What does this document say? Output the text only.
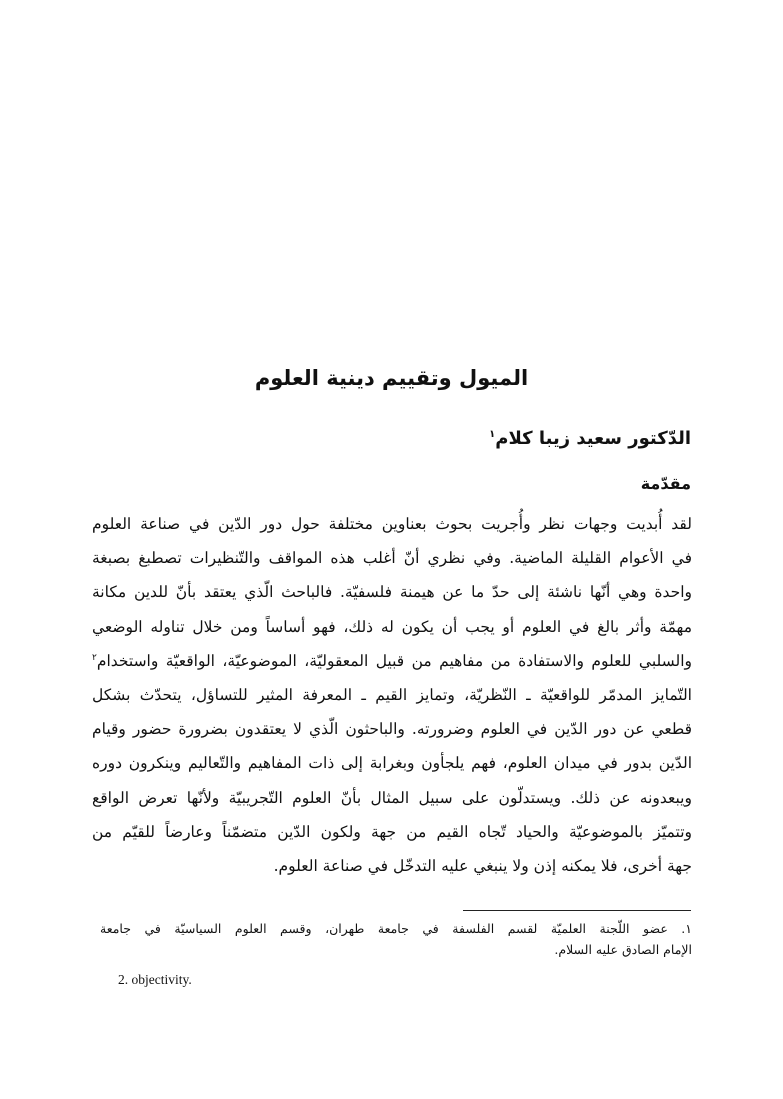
الميول وتقييم دينية العلوم
الدّكتور سعيد زيبا كلام$^١$
مقدّمة
لقد أُبديت وجهات نظر وأُجريت بحوث بعناوين مختلفة حول دور الدّين في صناعة العلوم
في الأعوام القليلة الماضية. وفي نظري أنّ أغلب هذه المواقف والتّنظيرات تصطبغ بصبغة
واحدة وهي أنّها ناشئة إلى حدّ ما عن هيمنة فلسفيّة. فالباحث الّذي يعتقد بأنّ للدين مكانة
مهمّة وأثر بالغ في العلوم أو يجب أن يكون له ذلك، فهو أساساً ومن خلال تناوله الوضعي
والسلبي للعلوم والاستفادة من مفاهيم من قبيل المعقوليّة، الموضوعيّة، الواقعيّة واستخدام$^٢$
التّمايز المدمّر للواقعيّة ـ النّظريّة، وتمايز القيم ـ المعرفة المثير للتساؤل، يتحدّث بشكل
قطعي عن دور الدّين في العلوم وضرورته. والباحثون الّذي لا يعتقدون بضرورة حضور وقيام
الدّين بدور في ميدان العلوم، فهم يلجأون وبغرابة إلى ذات المفاهيم والتّعاليم وينكرون دوره
ويبعدونه عن ذلك. ويستدلّون على سبيل المثال بأنّ العلوم التّجريبيّة ولأنّها تعرض الواقع
وتتميّز بالموضوعيّة والحياد تّجاه القيم من جهة ولكون الدّين متضمّناً وعارضاً للقيّم من
جهة أخرى، فلا يمكنه إذن ولا ينبغي عليه التدخّل في صناعة العلوم.
١. عضو اللّجنة العلميّة لقسم الفلسفة في جامعة طهران، وقسم العلوم السياسيّة في جامعة
الإمام الصادق عليه السلام.
2. objectivity.
